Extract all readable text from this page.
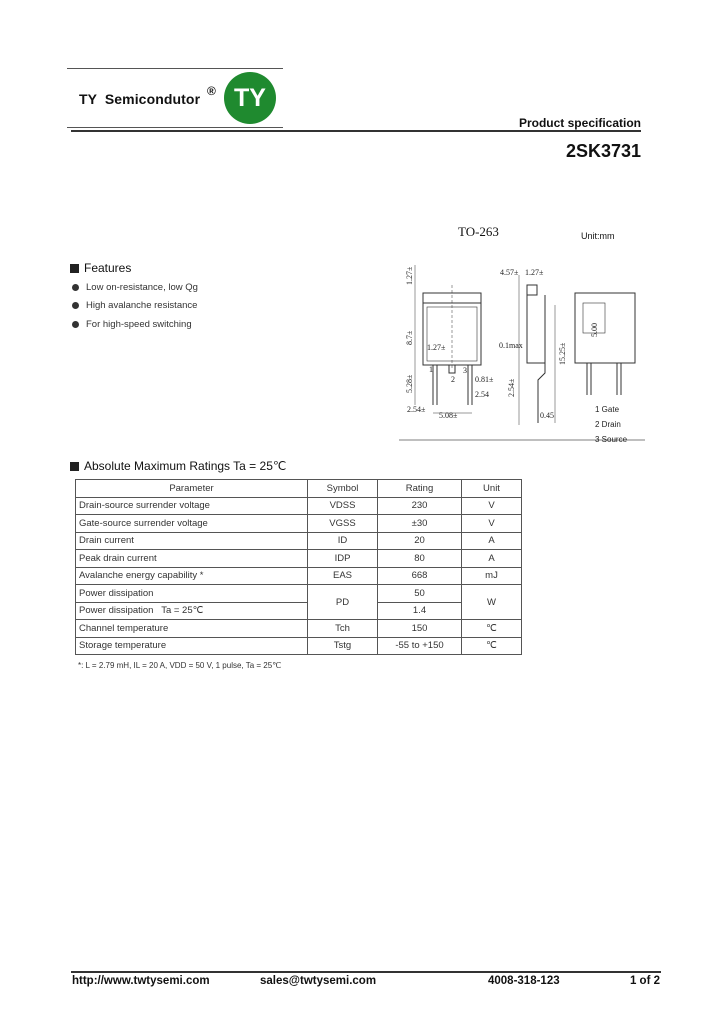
TY  Semicondutor ® TY
Product specification
2SK3731
Features
Low on-resistance, low Qg
High avalanche resistance
For high-speed switching
TO-263	Unit:mm
1.27±	4.57± 1.27±
8.7±
1.27±	0.1max	15.25±
5.00
5.28±
3
0.81±
2.54 2.54±
2.54±
5.08±	0.45
1
2
1 Gate
2 Drain
3 Source
Absolute Maximum Ratings Ta = 25℃
Parameter	Symbol	Rating	Unit
Drain-source surrender voltage	VDSS	230	V
Gate-source surrender voltage	VGSS	±30	V
Drain current	ID	20	A
Peak drain current	IDP	80	A
Avalanche energy capability *	EAS	668	mJ
Power dissipation	PD	50	W
Power dissipation   Ta = 25℃		1.4	
Channel temperature	Tch	150	℃
Storage temperature	Tstg	-55 to +150	℃
*: L = 2.79 mH, IL = 20 A, VDD = 50 V, 1 pulse, Ta = 25℃
http://www.twtysemi.com	sales@twtysemi.com	4008-318-123	1 of 2
